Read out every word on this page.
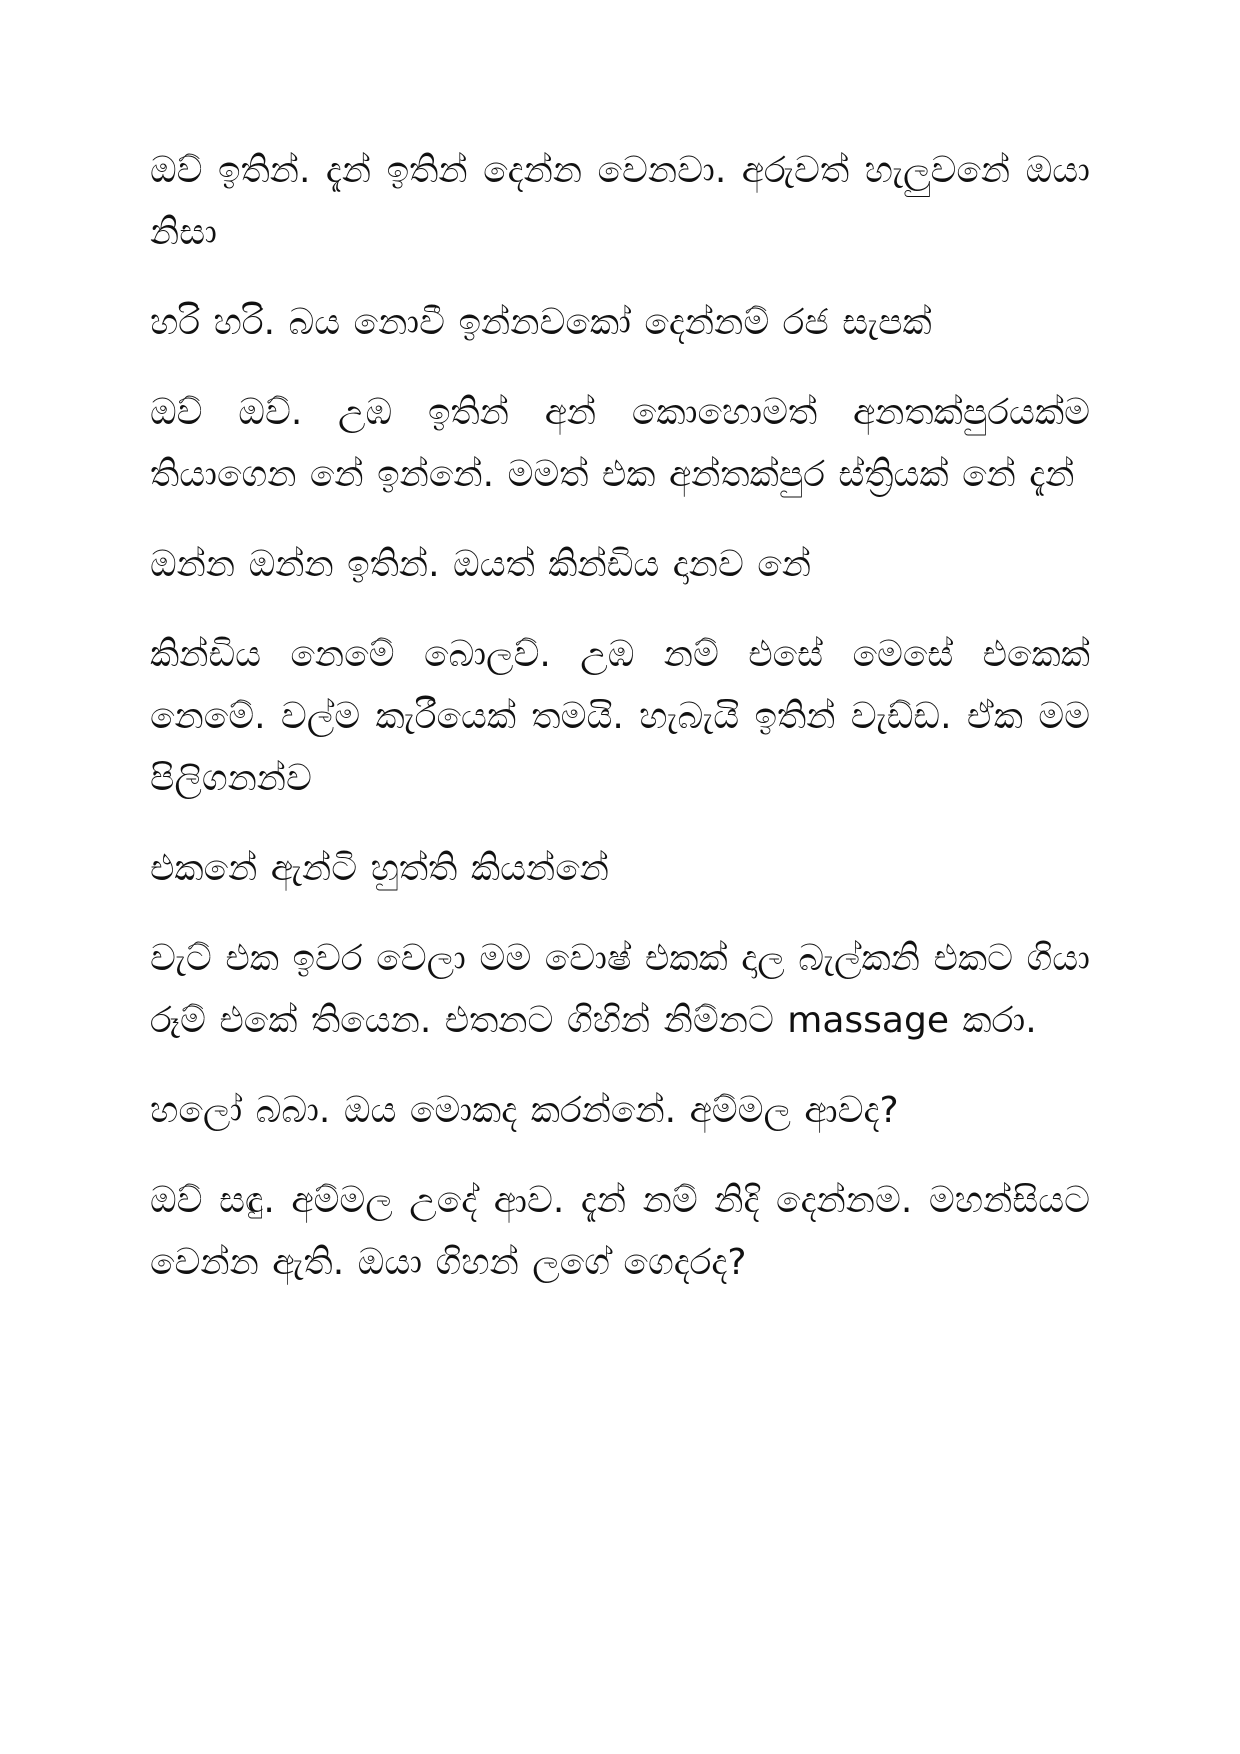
ඔව් ඉතින්. දැන් ඉතින් දෙන්න වෙනවා. අරුවත් හැලුවනේ ඔයා නිසා

හරි හරි. බය නොවී ඉන්නවකෝ දෙන්නම් රජ සැපක්

ඔව් ඔව්. උඹ ඉතින් අන් කොහොමත් අනතක්පුරයක්ම තියාගෙන නේ ඉන්නේ. මමත් එක අන්තක්පුර ස්ත්‍රියක් නේ දැන්

ඔන්න ඔන්න ඉතින්. ඔයත් කින්ඩිය දානව නේ

කින්ඩිය නෙමේ බොලව්. උඹ නම් එසේ මෙසේ එකෙක් නෙමේ. වල්ම කැරීයෙක් තමයි. හැබැයි ඉතින් වැඩ්ඩ. ඒක මම පිලිගනන්ව

එකනේ ඇන්ටි හුත්ති කියන්නේ

වැට් එක ඉවර වෙලා මම වොෂ් එකක් දාල බැල්කනි එකට ගියා රූම් එකේ තියෙන. එතනට ගිහින් නිම්නට massage කරා.

හලෝ බබා. ඔය මොකද කරන්නේ. අම්මල ආවද?

ඔව් සඳු. අම්මල උදේ ආව. දැන් නම් නිදි දෙන්නම. මහන්සියට වෙන්න ඇති. ඔයා ගිහන් ලගේ ගෙදරද?
